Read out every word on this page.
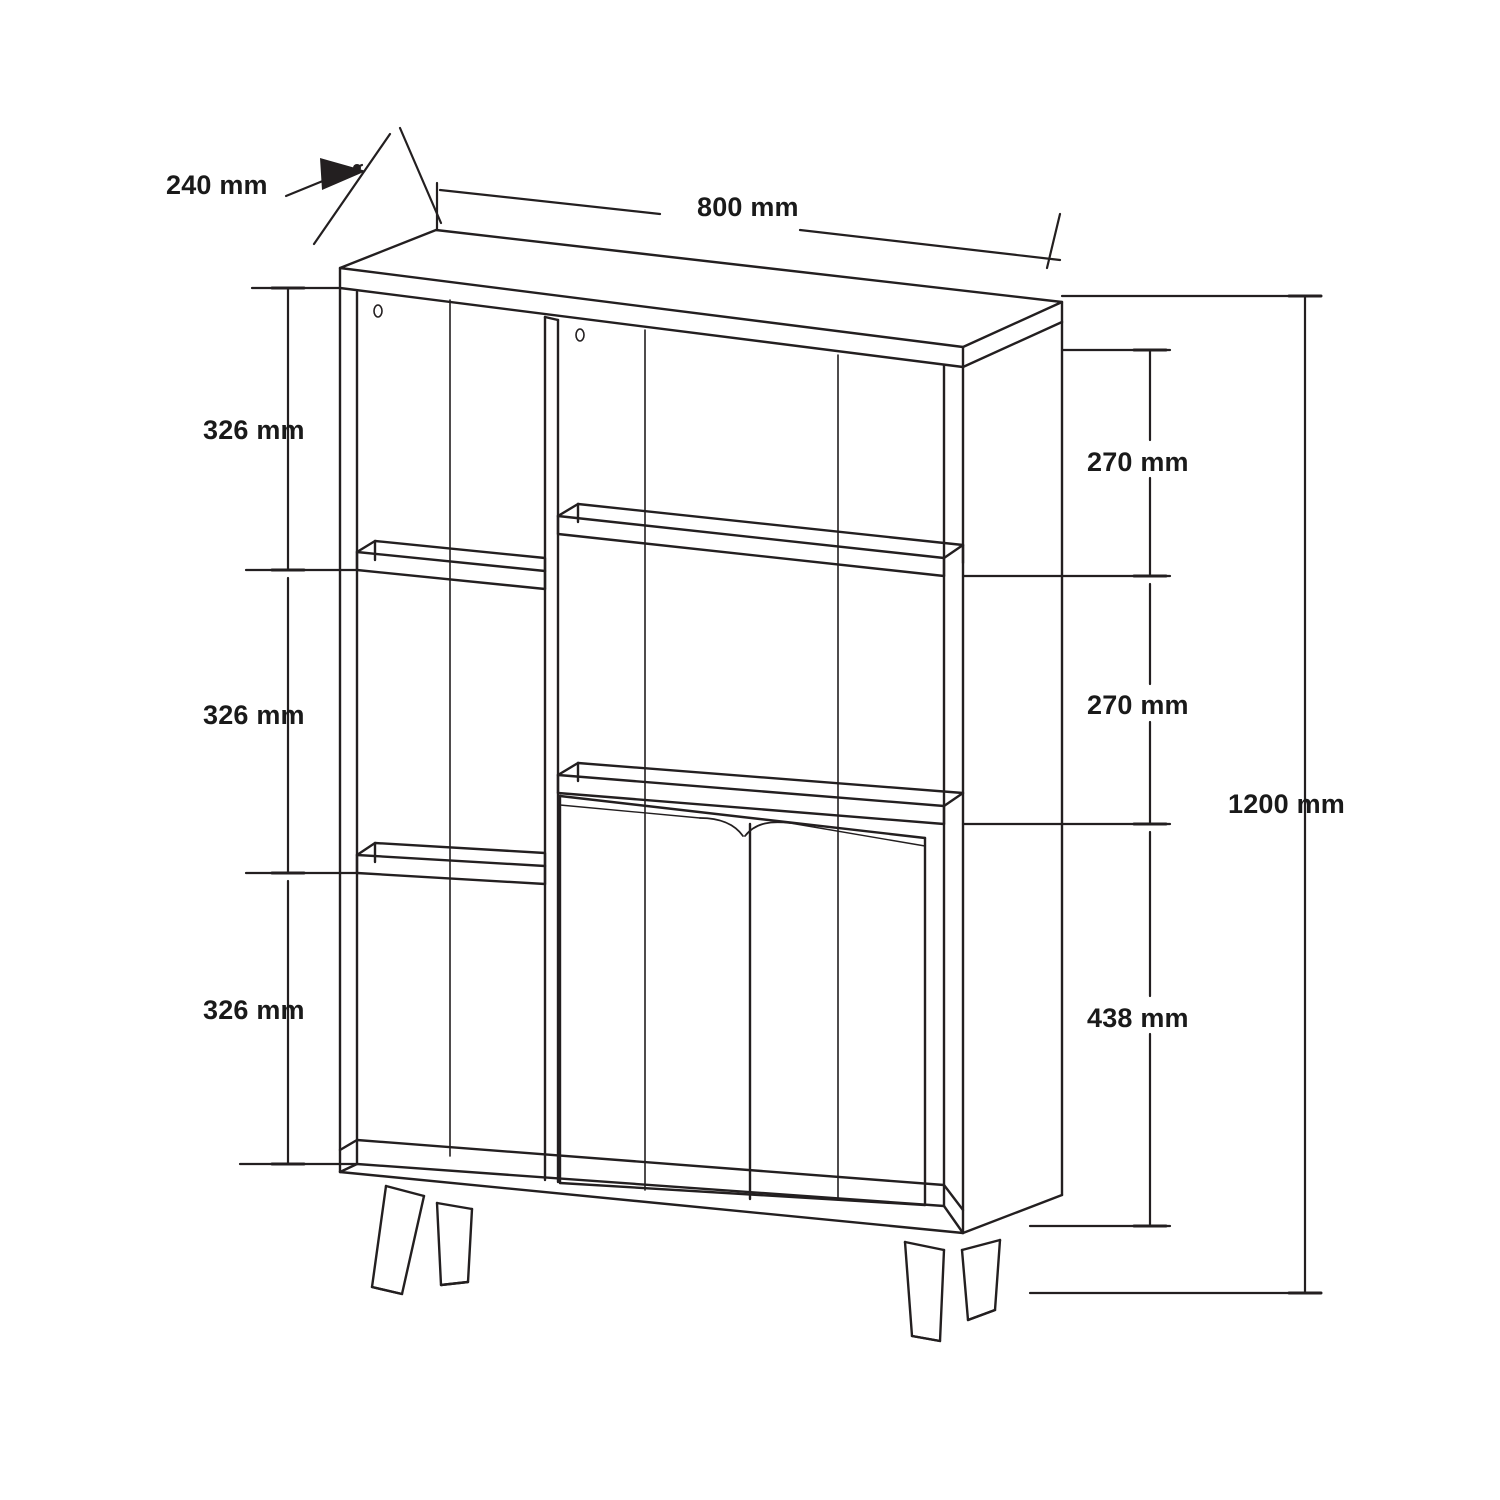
240 mm
800 mm
1200 mm
326 mm
326 mm
326 mm
270 mm
270 mm
438 mm
